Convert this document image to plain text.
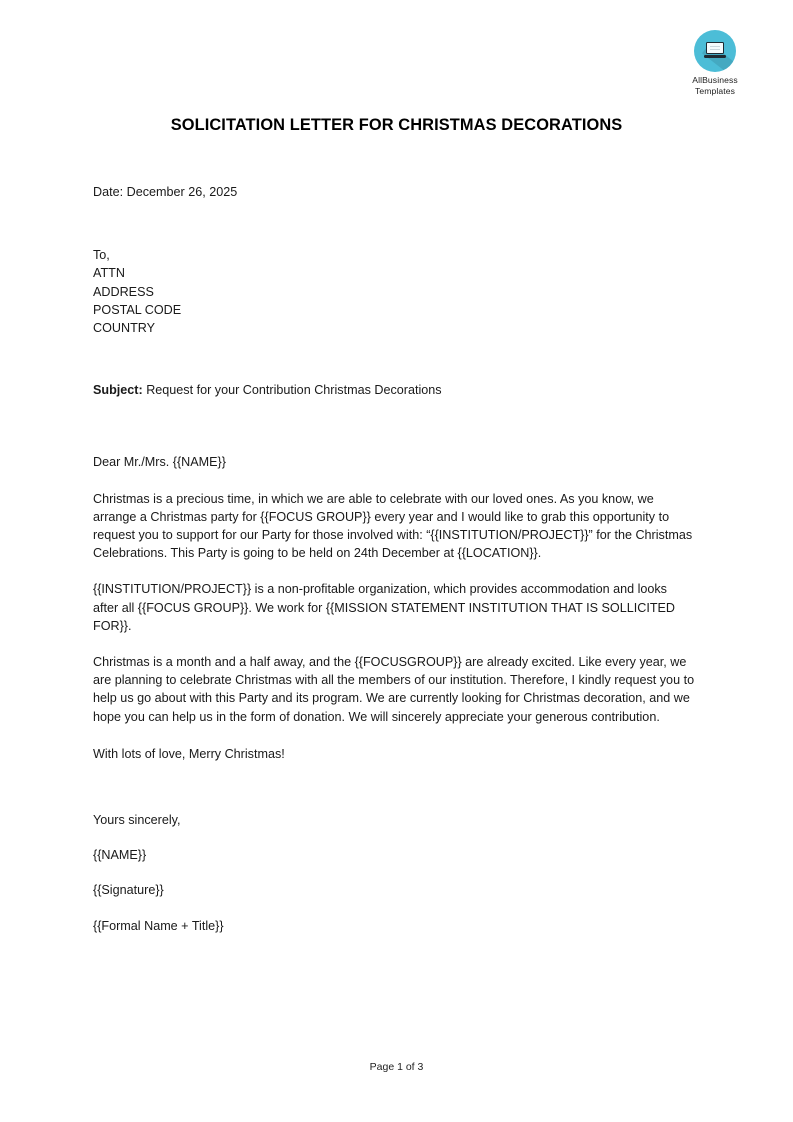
AllBusiness
Templates
SOLICITATION LETTER FOR CHRISTMAS DECORATIONS

Date: December 26, 2025

To,
ATTN
ADDRESS
POSTAL CODE
COUNTRY

Subject: Request for your Contribution Christmas Decorations

Dear Mr./Mrs. {{NAME}}

Christmas is a precious time, in which we are able to celebrate with our loved ones. As you know, we arrange a Christmas party for {{FOCUS GROUP}} every year and I would like to grab this opportunity to request you to support for our Party for those involved with: “{{INSTITUTION/PROJECT}}” for the Christmas Celebrations. This Party is going to be held on 24th December at {{LOCATION}}.

{{INSTITUTION/PROJECT}} is a non-profitable organization, which provides accommodation and looks after all {{FOCUS GROUP}}. We work for {{MISSION STATEMENT INSTITUTION THAT IS SOLLICITED FOR}}.

Christmas is a month and a half away, and the {{FOCUSGROUP}} are already excited. Like every year, we are planning to celebrate Christmas with all the members of our institution. Therefore, I kindly request you to help us go about with this Party and its program. We are currently looking for Christmas decoration, and we hope you can help us in the form of donation. We will sincerely appreciate your generous contribution.

With lots of love, Merry Christmas!

Yours sincerely,

{{NAME}}

{{Signature}}

{{Formal Name + Title}}

Page 1 of 3
